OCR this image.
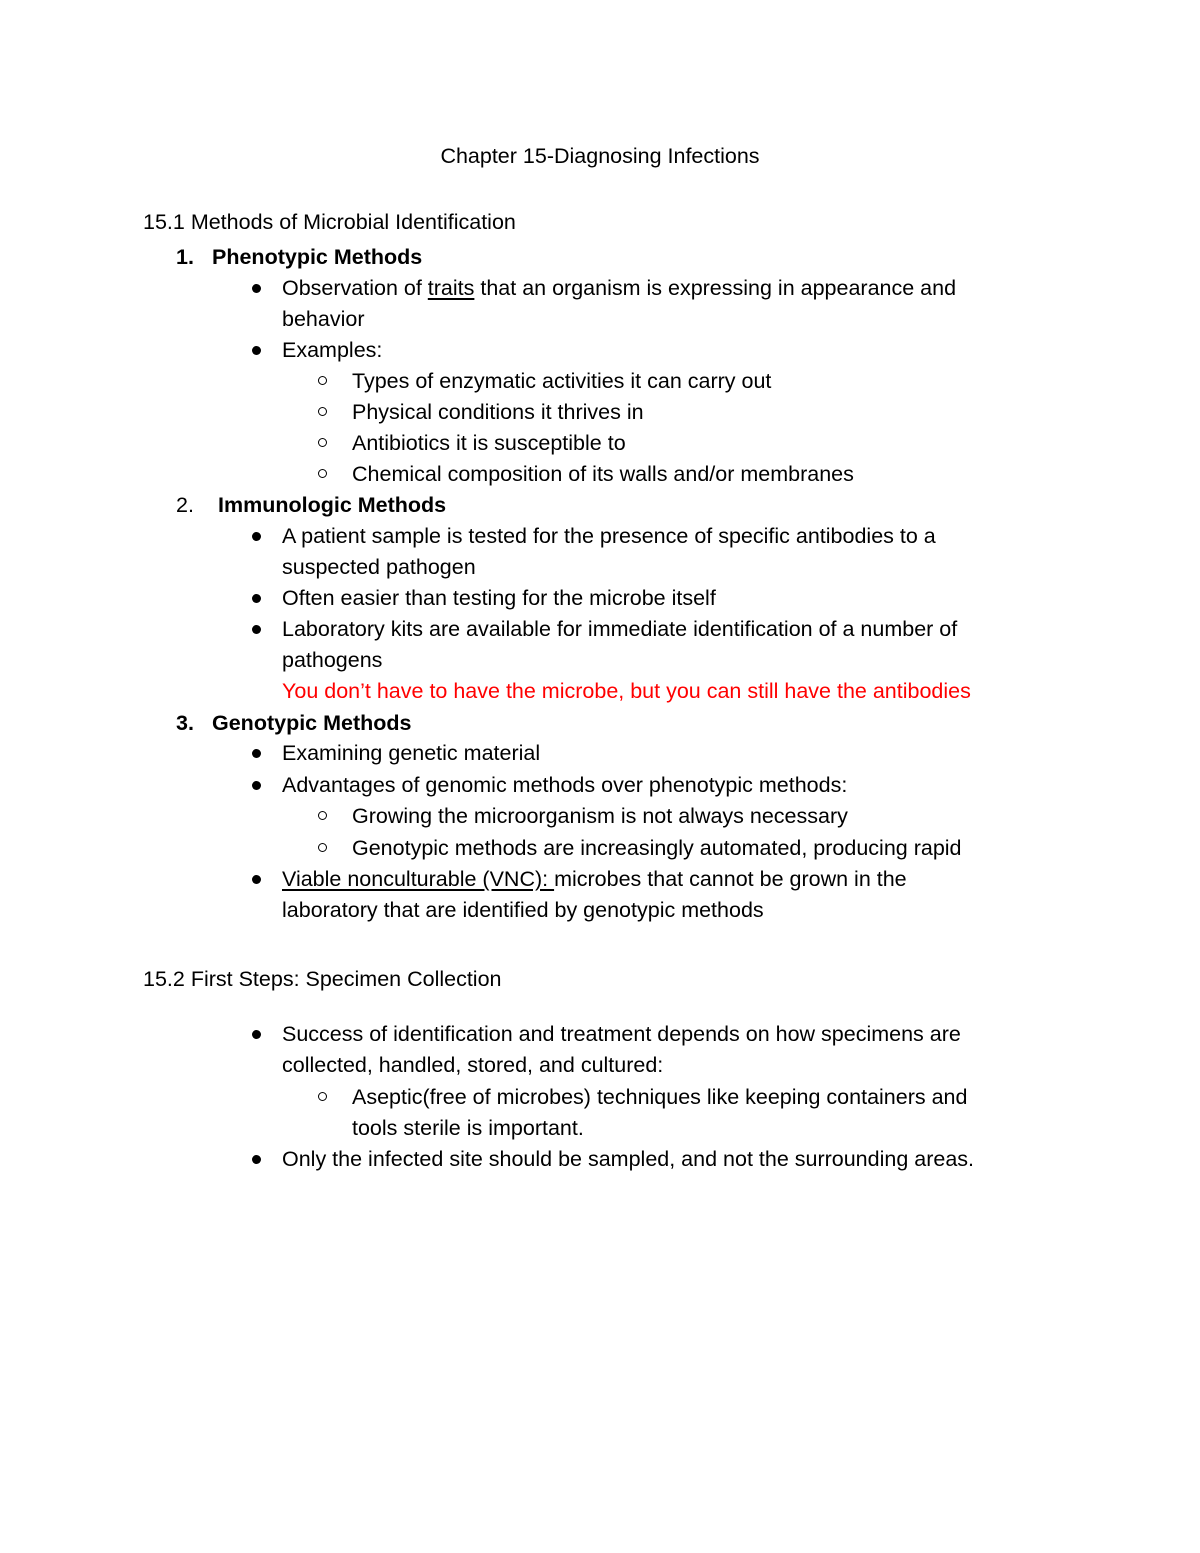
Chapter 15-Diagnosing Infections
15.1 Methods of Microbial Identification
1. Phenotypic Methods
Observation of traits that an organism is expressing in appearance and
behavior
Examples:
Types of enzymatic activities it can carry out
Physical conditions it thrives in
Antibiotics it is susceptible to
Chemical composition of its walls and/or membranes
2. Immunologic Methods
A patient sample is tested for the presence of specific antibodies to a
suspected pathogen
Often easier than testing for the microbe itself
Laboratory kits are available for immediate identification of a number of
pathogens
You don’t have to have the microbe, but you can still have the antibodies
3. Genotypic Methods
Examining genetic material
Advantages of genomic methods over phenotypic methods:
Growing the microorganism is not always necessary
Genotypic methods are increasingly automated, producing rapid
Viable nonculturable (VNC): microbes that cannot be grown in the
laboratory that are identified by genotypic methods
15.2 First Steps: Specimen Collection
Success of identification and treatment depends on how specimens are
collected, handled, stored, and cultured:
Aseptic(free of microbes) techniques like keeping containers and
tools sterile is important.
Only the infected site should be sampled, and not the surrounding areas.
